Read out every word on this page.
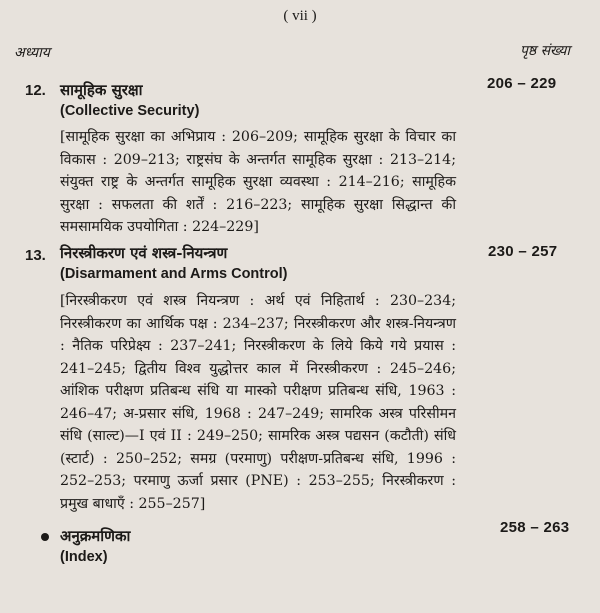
( vii )
अध्याय	पृष्ठ संख्या
12. सामूहिक सुरक्षा	206 – 229
(Collective Security)
[सामूहिक सुरक्षा का अभिप्राय : 206–209; सामूहिक सुरक्षा के विचार का विकास : 209–213; राष्ट्रसंघ के अन्तर्गत सामूहिक सुरक्षा : 213–214; संयुक्त राष्ट्र के अन्तर्गत सामूहिक सुरक्षा व्यवस्था : 214–216; सामूहिक सुरक्षा : सफलता की शर्तें : 216–223; सामूहिक सुरक्षा सिद्धान्त की समसामयिक उपयोगिता : 224–229]
13. निरस्त्रीकरण एवं शस्त्र-नियन्त्रण	230 – 257
(Disarmament and Arms Control)
[निरस्त्रीकरण एवं शस्त्र नियन्त्रण : अर्थ एवं निहितार्थ : 230–234; निरस्त्रीकरण का आर्थिक पक्ष : 234–237; निरस्त्रीकरण और शस्त्र-नियन्त्रण : नैतिक परिप्रेक्ष्य : 237–241; निरस्त्रीकरण के लिये किये गये प्रयास : 241–245; द्वितीय विश्व युद्धोत्तर काल में निरस्त्रीकरण : 245–246; आंशिक परीक्षण प्रतिबन्ध संधि या मास्को परीक्षण प्रतिबन्ध संधि, 1963 : 246–47; अ-प्रसार संधि, 1968 : 247–249; सामरिक अस्त्र परिसीमन संधि (साल्ट)—I एवं II : 249–250; सामरिक अस्त्र पद्यसन (कटौती) संधि (स्टार्ट) : 250–252; समग्र (परमाणु) परीक्षण-प्रतिबन्ध संधि, 1996 : 252–253; परमाणु ऊर्जा प्रसार (PNE) : 253–255; निरस्त्रीकरण : प्रमुख बाधाएँ : 255–257]
अनुक्रमणिका	258 – 263
(Index)
